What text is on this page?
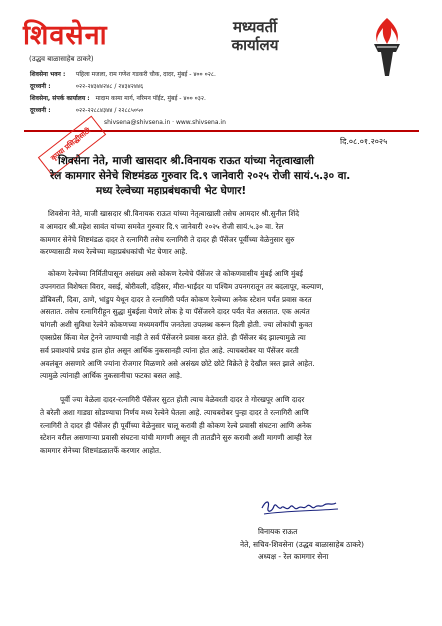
शिवसेना
(उद्धव बाळासाहेब ठाकरे)
मध्यवर्ती
कार्यालय
शिवसेना भवन : पहिला मजला, राम गणेश गडकरी चौक, दादर, मुंबई - ४०० ०२८.
दूरध्वनी :	०२२-२४३४४२४८ / २४३४२४४६
शिवसेना, संपर्क कार्यालय : मादाम कामा मार्ग, नरिमन पॉईंट, मुंबई - ४०० ०३२.
दूरध्वनी :	०२२-२२८८४३४४ / २२८८५०५०
shivsena@shivsena.in · www.shivsena.in
दि.०८.०१.२०२५
कृपया प्रसिद्धीसाठी
शिवसेना नेते, माजी खासदार श्री.विनायक राऊत यांच्या नेतृत्वाखाली
रेल कामगार सेनेचे शिष्टमंडळ गुरुवार दि.९ जानेवारी २०२५ रोजी सायं.५.३० वा.
मध्य रेल्वेच्या महाप्रबंधकाची भेट घेणार!
शिवसेना नेते, माजी खासदार श्री.विनायक राऊत यांच्या नेतृत्वाखाली तसेच आमदार श्री.सुनील शिंदे
व आमदार श्री.महेश सावंत यांच्या समवेत गुरुवार दि.९ जानेवारी २०२५ रोजी सायं.५.३० वा. रेल
कामगार सेनेचे शिष्टमंडळ दादर ते रत्नागिरी तसेच रत्नागिरी ते दादर ही पॅसेंजर पूर्वीच्या वेळेनुसार सुरु
करण्यासाठी मध्य रेल्वेच्या महाप्रबंधकांची भेट घेणार आहे.
कोकण रेल्वेच्या निर्मितीपासून असंख्य असे कोकण रेल्वेचे पॅसेंजर जे कोकणवासीय मुंबई आणि मुंबई
उपनगरात विशेषतः विरार, वसई, बोरीवली, दहिसर, मीरा-भाईंदर या पश्चिम उपनगरातून तर बदलापूर, कल्याण,
डोंबिवली, दिवा, ठाणे, भांडुप येथून दादर ते रत्नागिरी पर्यंत कोकण रेल्वेच्या अनेक स्टेशन पर्यंत प्रवास करत
असतात. तसेच रत्नागिरीहून सुद्धा मुंबईला येणारे लोक हे या पॅसेंजरने दादर पर्यंत येत असतात. एक अत्यंत
चांगली अशी सुविधा रेल्वेने कोकणच्या मध्यमवर्गीय जनतेला उपलब्ध करून दिली होती. ज्या लोकांची कुवत
एक्सप्रेस किंवा मेल ट्रेनने जाण्याची नाही ते सर्व पॅसेंजरने प्रवास करत होते. ही पॅसेंजर बंद झाल्यामुळे त्या
सर्व प्रवाश्यांचे प्रचंड हाल होत असून आर्थिक नुकसानही त्यांना होत आहे. त्याचबरोबर या पॅसेंजर वरती
अवलंबून असणारे आणि ज्यांना रोजगार मिळणारे असे असंख्य छोटे छोटे विक्रेते हे देखील त्रस्त झाले आहेत.
त्यामुळे त्यांनाही आर्थिक नुकसानीचा फटका बसत आहे.
पूर्वी ज्या वेळेला दादर-रत्नागिरी पॅसेंजर सुटत होती त्याच वेळेवरती दादर ते गोरखपूर आणि दादर
ते बरेली अशा गाड्या सोडण्याचा निर्णय मध्य रेल्वेने घेतला आहे. त्याचबरोबर पुन्हा दादर ते रत्नागिरी आणि
रत्नागिरी ते दादर ही पॅसेंजर ही पूर्वीच्या वेळेनुसार चालू करावी ही कोकण रेल्वे प्रवासी संघटना आणि अनेक
स्टेशन वरील असणाऱ्या प्रवासी संघटना यांची मागणी असून ती तातडीने सुरु करावी अशी मागणी आम्ही रेल
कामगार सेनेच्या शिष्टमंडळातर्फे करणार आहोत.
विनायक राऊत
नेते, सचिव-शिवसेना (उद्धव बाळासाहेब ठाकरे)
अध्यक्ष - रेल कामगार सेना
